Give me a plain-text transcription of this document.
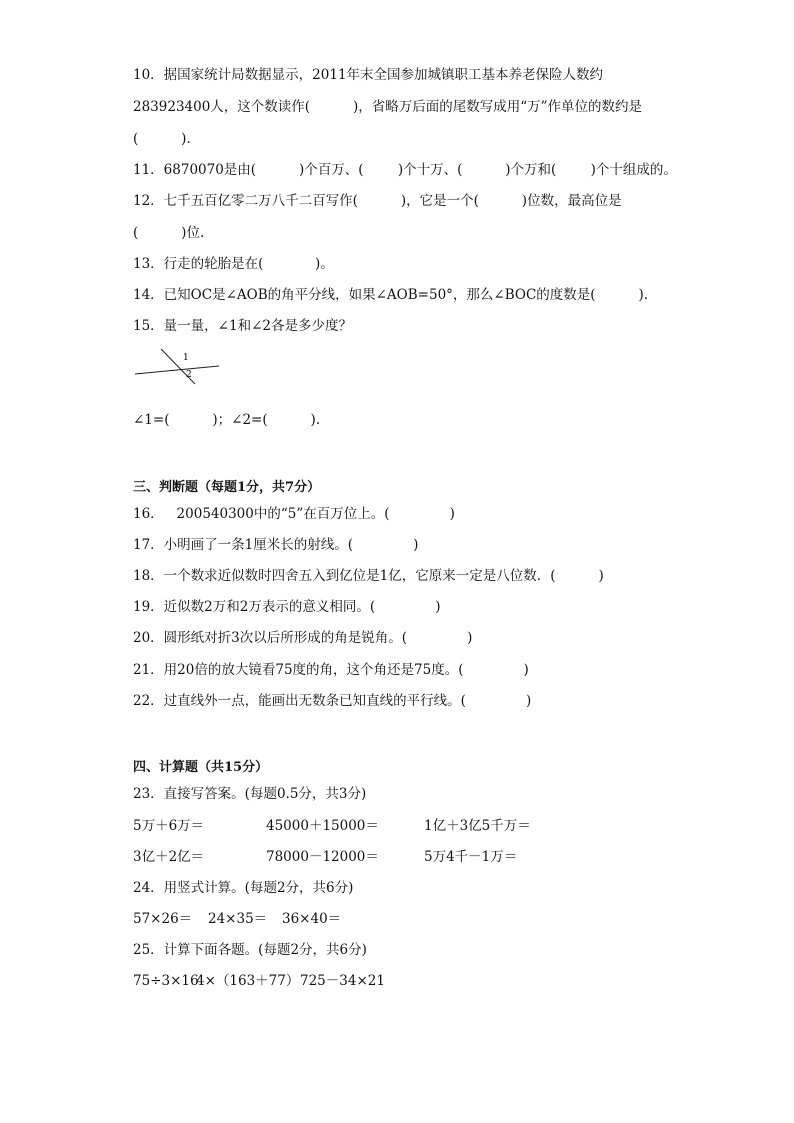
10．据国家统计局数据显示，2011年末全国参加城镇职工基本养老保险人数约
283923400人，这个数读作(          )，省略万后面的尾数写成用“万”作单位的数约是
(          ).
11．6870070是由(          )个百万、(        )个十万、(          )个万和(        )个十组成的。
12．七千五百亿零二万八千二百写作(          )，它是一个(          )位数，最高位是
(          )位.
13．行走的轮胎是在(            )。
14．已知OC是∠AOB的角平分线，如果∠AOB=50°，那么∠BOC的度数是(          ).
15．量一量，∠1和∠2各是多少度？
1
2
∠1=(          )；∠2=(          ).
三、判断题（每题1分，共7分）
16．   200540300中的“5”在百万位上。(              )
17．小明画了一条1厘米长的射线。(              )
18．一个数求近似数时四舍五入到亿位是1亿，它原来一定是八位数．(          )
19．近似数2万和2万表示的意义相同。(              )
20．圆形纸对折3次以后所形成的角是锐角。(              )
21．用20倍的放大镜看75度的角，这个角还是75度。(              )
22．过直线外一点，能画出无数条已知直线的平行线。(              )
四、计算题（共15分）
23．直接写答案。(每题0.5分，共3分)
5万＋6万＝	45000＋15000＝	1亿＋3亿5千万＝
3亿＋2亿＝	78000－12000＝	5万4千－1万＝
24．用竖式计算。(每题2分，共6分)
57×26＝ 24×35＝ 36×40＝
25．计算下面各题。(每题2分，共6分)
75÷3×16
4×（163＋77） 725－34×21
